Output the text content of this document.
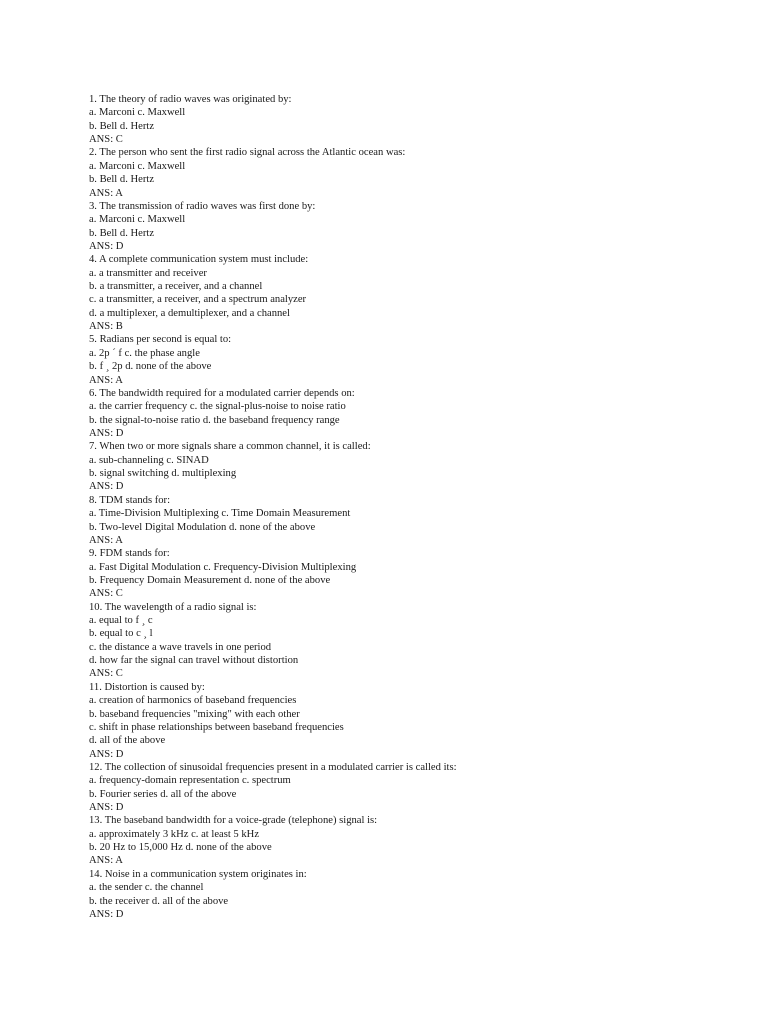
1. The theory of radio waves was originated by:
a. Marconi c. Maxwell
b. Bell d. Hertz
ANS: C
2. The person who sent the first radio signal across the Atlantic ocean was:
a. Marconi c. Maxwell
b. Bell d. Hertz
ANS: A
3. The transmission of radio waves was first done by:
a. Marconi c. Maxwell
b. Bell d. Hertz
ANS: D
4. A complete communication system must include:
a. a transmitter and receiver
b. a transmitter, a receiver, and a channel
c. a transmitter, a receiver, and a spectrum analyzer
d. a multiplexer, a demultiplexer, and a channel
ANS: B
5. Radians per second is equal to:
a. 2p ´ f c. the phase angle
b. f ¸ 2p d. none of the above
ANS: A
6. The bandwidth required for a modulated carrier depends on:
a. the carrier frequency c. the signal-plus-noise to noise ratio
b. the signal-to-noise ratio d. the baseband frequency range
ANS: D
7. When two or more signals share a common channel, it is called:
a. sub-channeling c. SINAD
b. signal switching d. multiplexing
ANS: D
8. TDM stands for:
a. Time-Division Multiplexing c. Time Domain Measurement
b. Two-level Digital Modulation d. none of the above
ANS: A
9. FDM stands for:
a. Fast Digital Modulation c. Frequency-Division Multiplexing
b. Frequency Domain Measurement d. none of the above
ANS: C
10. The wavelength of a radio signal is:
a. equal to f ¸ c
b. equal to c ¸ l
c. the distance a wave travels in one period
d. how far the signal can travel without distortion
ANS: C
11. Distortion is caused by:
a. creation of harmonics of baseband frequencies
b. baseband frequencies "mixing" with each other
c. shift in phase relationships between baseband frequencies
d. all of the above
ANS: D
12. The collection of sinusoidal frequencies present in a modulated carrier is called its:
a. frequency-domain representation c. spectrum
b. Fourier series d. all of the above
ANS: D
13. The baseband bandwidth for a voice-grade (telephone) signal is:
a. approximately 3 kHz c. at least 5 kHz
b. 20 Hz to 15,000 Hz d. none of the above
ANS: A
14. Noise in a communication system originates in:
a. the sender c. the channel
b. the receiver d. all of the above
ANS: D
